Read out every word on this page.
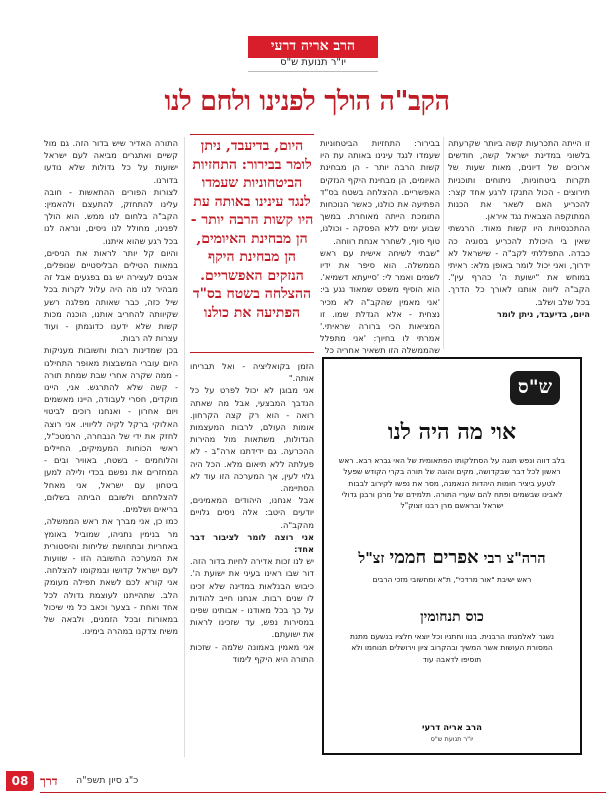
הרב אריה דרעי
יו"ר תנועת ש"ס
הקב"ה הולך לפנינו ולחם לנו

זו הייתה התכרעות קשה ביותר שקרעתה בלשוני במדינת ישראל קשה, חודשים ארוכים של דיונים, מאות שעות של תקרות ביטחוניות, ניתוחים ותוכניות תירוצים - הכול התנקז לרגע אחד קצר: להכריע האם לשאר את הכנות המתוקפה הצבאית נגד איראן.

ההתכנסויות היו קשות מאוד. הרגשתי שאין בי היכולת להכריע בסוגיה כה כבדה. התפללתי לקב"ה - שישראל לא ידרוך, ואני יכול לומר באופן מלא: ראיתי במוחש את "ישועת ה' כהרף עין". הקב"ה ליווה אותנו לאורך כל הדרך. בכל שלב ושלב.

היום, בדיעבד, ניתן לומר

בבירור: התחזיות הביטחוניות שעמדו לנגד עינינו באותה עת היו קשות הרבה יותר - הן מבחינת האיומים, הן מבחינת היקף הנזקים האפשריים. ההצלחה בשטח בס"ד הפתיעה את כולנו, כאשר הנוכחות התומכת הייתה מאוחרת. במשך שבוע ימים ללא הפסקה - וכולנו, טוף סוף, לשחרר אנחת רווחה.

"שבתי לשיחה אישית עם ראש הממשלה. הוא סיפר את ידיו לשמים ואמר לי: 'סייעתא דשמיא'. הוא הוסיף משפט שמאוד נגע בי: 'אני מאמין שהקב"ה לא מכיר נצחית - אלא הגדלת שמו. זו המציאות הכי ברורה שראיתי.' אמרתי לו בחיוך: 'אני מתפלל שהממשלה הזו תשאיר אחריה כל

היום, בדיעבד, ניתן לומר בבירור: התחזיות הביטחוניות שעמדו לנגד עינינו באותה עת היו קשות הרבה יותר - הן מבחינת האיומים, הן מבחינת היקף הנזקים האפשריים. ההצלחה בשטח בס"ד הפתיעה את כולנו

הזמן בקואליציה - ואל תבריחו אותה."

אני מבוגן לא יכול לפרט על כל הנדבך המבצעי, אבל מה שאתה רואה - הוא רק קצה הקרחון. אומות העולם, לרבות המעצמות הגדולות, משתאות מול מהירות ההכרעה. גם ידידתנו ארה"ב - לא פעלתה ללא תיאום מלא. הכל היה גלוי לעין, אך המערכה הזו עוד לא הסתיימה.

אבל אנחנו, היהודים המאמינים, יודעים היטב: אלה ניסים גלויים מהקב"ה.

אני רוצה לומר לציבור דבר אחד:

יש לנו זכות אדירה לחיות בדור הזה. דור שבו ראינו בעיני את ישועת ה'. כיבוש הבנלאות במדינה שלא זכינו לו שנים רבות. אנחנו חייב להודות על כך בכל מאודנו - אבותינו שפינו במסירות נפש, עד שזכינו לראות את ישועתם.

אני מאמין באמונה שלמה - שזכות התורה היא היקף לימוד

התורה האדיר שיש בדור הזה. גם מול קשיים ואתגרים מביאה לעם ישראל ישועות על כל גדולות שלא נודעו בדורנו.

לצורות הפורים ההתאשות - חובה עלינו להתחזק, להתעצם ולהאמין: הקב"ה בלחום לנו ממש. הוא הולך לפנינו, מחולל לנו ניסים, ונראה לנו בכל רגע שהוא איתנו.

והיום קל יותר לראות את הניסים, במאות הטילים הבליסטיים שנופלים, אבנים לעצירה יש גם בפגעים אבל זה מבהיר לנו מה היה עלול לקרות בכל שיל כזה, כבר שאותה מפלגה רשע שקיוותה להחריב אותנו, הוכנה מכות קשות שלא ידענו כדוגמתן - ועוד עצרות לה רבות.

בכן שמדינות רבות וחשובות מעניקות היום עוברי המשבצות מאופר התחילנו - ממה שקרה אחרי שבת שמחת תורה - קשה שלא להתרגש. אני, היינו מוקדים, חסרי לעבודה, היינו מאשמים ויום אחרון - ואנחנו רוכים לביטוי האלוקי ברקל לקיה לליוויו. אני רוצה לחזק את ידי של הנבחרה, הרמטכ"ל, ראשי הכוחות המעמיקים, החיילים והלוחמים - בשטח, באוויר ובים - המחזרים את נפשם בכדי ולילה למען ביטחון עם ישראל, אני מאחל להצלחתם ולשובם הביתה בשלום, בריאים ושלמים.

כמו כן, אני מברך את ראש הממשלה, מר בנימין נתניהו, שמוביל באומץ באחריות ובתחושת שליחות והיסטורית את המערכה החשובה הזו - שוועות לעם ישראל קדושו ובמקומו להצלחה. אני קורא לכם לשאת תפילה מעומק הלב. שתהייתנו לעוצמת גדולה לכל אחד ואחת - בצער וכאב כל מי שיכול במאורות ובכל הזמנים, ולבאה של משיח צדקנו במהרה בימינו.

ש"ס
אוי מה היה לנו
בלב דווה ונפש תוגה על הסתלקותו הפתאומית של האי גברא רבא. ראש ראשון לכל דבר שבקדושה, מקים והוגה של תורה בקרי הקודש שפעל לטעע ביציר חומות היהדות הנאמנה, מסר את נפשו לקירוב לבבות לאבינו שבשמים ופתח להם שערי התורה. תלמידם של מרנן ורבנן גדולי ישראל ובראשם מרן רבנו זצוק"ל
הרה"צ רבי אפרים חממי זצ"ל
ראש ישיבת "אור מרדכי", ת"א ומחשובי מזכי הרבים
כוס תנחומין
נשגר לאלמנתו הרבנית. בנוו וחתניו וכל יוצאי חלציו בנשעם מתנת המסורת העושות אשר המשיך ובהקרוב ציון וירושלים תנוחמו ולא תוסיפו לדאבה עוד
הרב אריה דרעי
יו"ר תנועת ש"ס
08 דרך כ"ג סיון תשפ"ה
